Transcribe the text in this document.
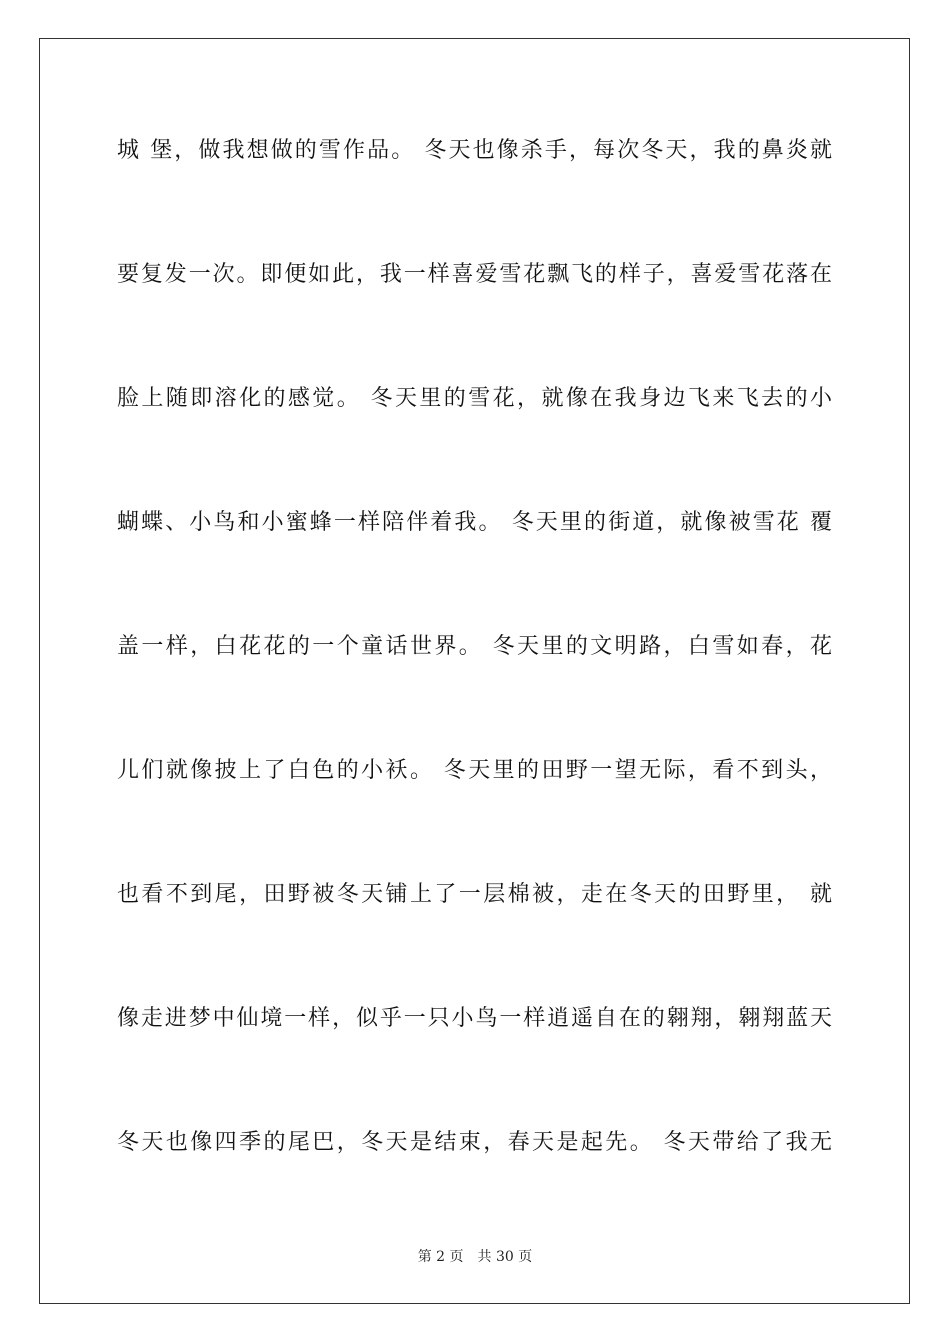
城 堡，做我想做的雪作品。 冬天也像杀手，每次冬天，我的鼻炎就
要复发一次。即便如此，我一样喜爱雪花飘飞的样子，喜爱雪花落在
脸上随即溶化的感觉。 冬天里的雪花，就像在我身边飞来飞去的小
蝴蝶、小鸟和小蜜蜂一样陪伴着我。 冬天里的街道，就像被雪花 覆
盖一样，白花花的一个童话世界。 冬天里的文明路，白雪如春，花
儿们就像披上了白色的小袄。 冬天里的田野一望无际，看不到头，
也看不到尾，田野被冬天铺上了一层棉被，走在冬天的田野里， 就
像走进梦中仙境一样，似乎一只小鸟一样逍遥自在的翱翔，翱翔蓝天
冬天也像四季的尾巴，冬天是结束，春天是起先。 冬天带给了我无
第 2 页　共 30 页
